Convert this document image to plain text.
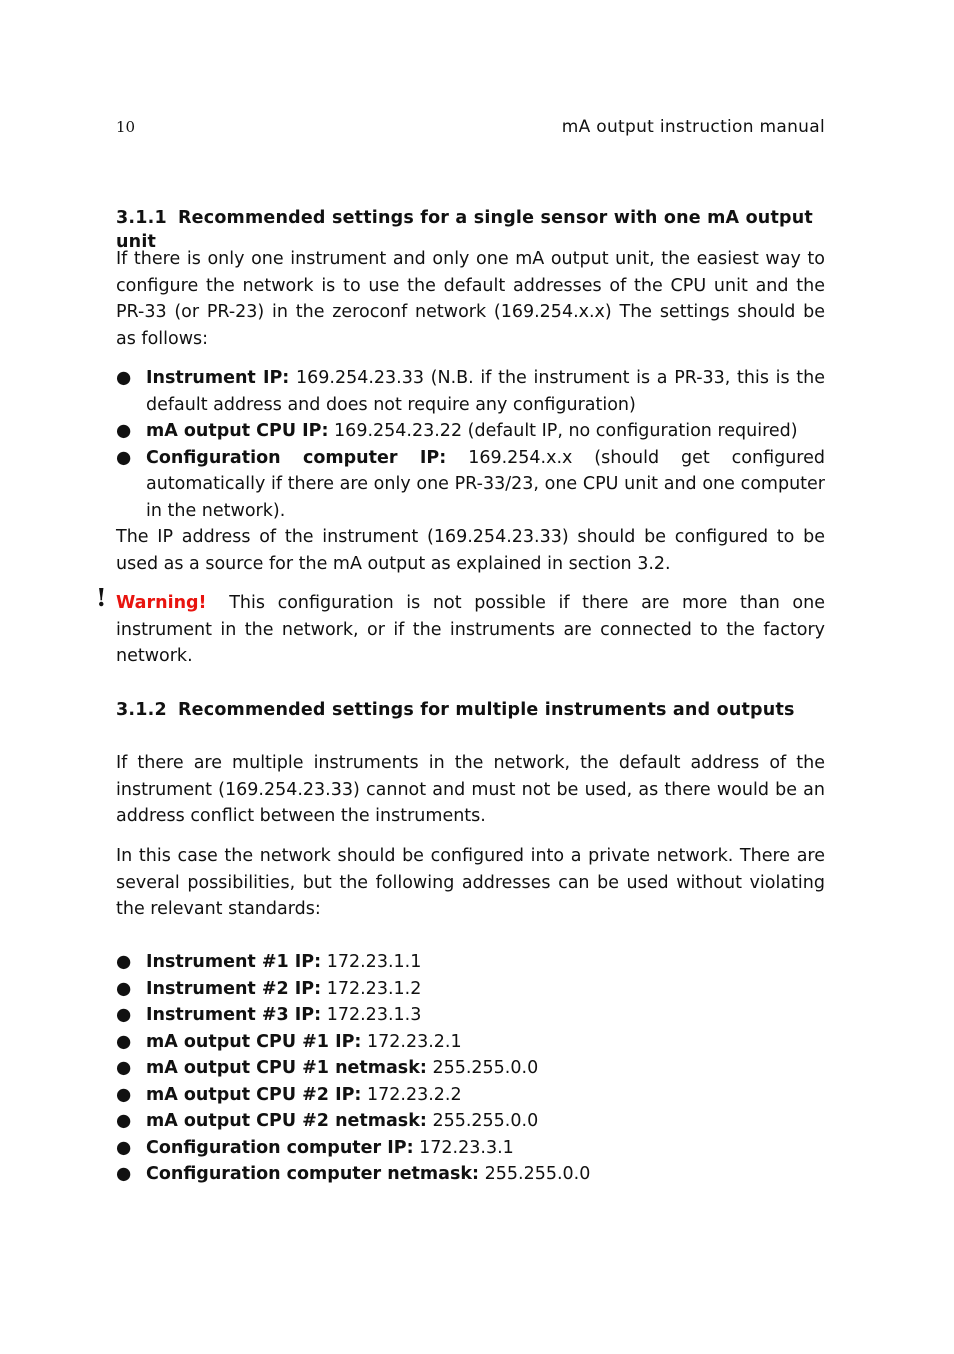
10	mA output instruction manual
3.1.1 Recommended settings for a single sensor with one mA output unit

If there is only one instrument and only one mA output unit, the easiest way to configure the network is to use the default addresses of the CPU unit and the PR-33 (or PR-23) in the zeroconf network (169.254.x.x) The settings should be as follows:

● Instrument IP: 169.254.23.33 (N.B. if the instrument is a PR-33, this is the default address and does not require any configuration)
● mA output CPU IP: 169.254.23.22 (default IP, no configuration required)
● Configuration computer IP: 169.254.x.x (should get configured automatically if there are only one PR-33/23, one CPU unit and one computer in the network).

The IP address of the instrument (169.254.23.33) should be configured to be used as a source for the mA output as explained in section 3.2.

! Warning! This configuration is not possible if there are more than one instrument in the network, or if the instruments are connected to the factory network.
3.1.2 Recommended settings for multiple instruments and outputs

If there are multiple instruments in the network, the default address of the instrument (169.254.23.33) cannot and must not be used, as there would be an address conflict between the instruments.

In this case the network should be configured into a private network. There are several possibilities, but the following addresses can be used without violating the relevant standards:

● Instrument #1 IP: 172.23.1.1
● Instrument #2 IP: 172.23.1.2
● Instrument #3 IP: 172.23.1.3
● mA output CPU #1 IP: 172.23.2.1
● mA output CPU #1 netmask: 255.255.0.0
● mA output CPU #2 IP: 172.23.2.2
● mA output CPU #2 netmask: 255.255.0.0
● Configuration computer IP: 172.23.3.1
● Configuration computer netmask: 255.255.0.0
